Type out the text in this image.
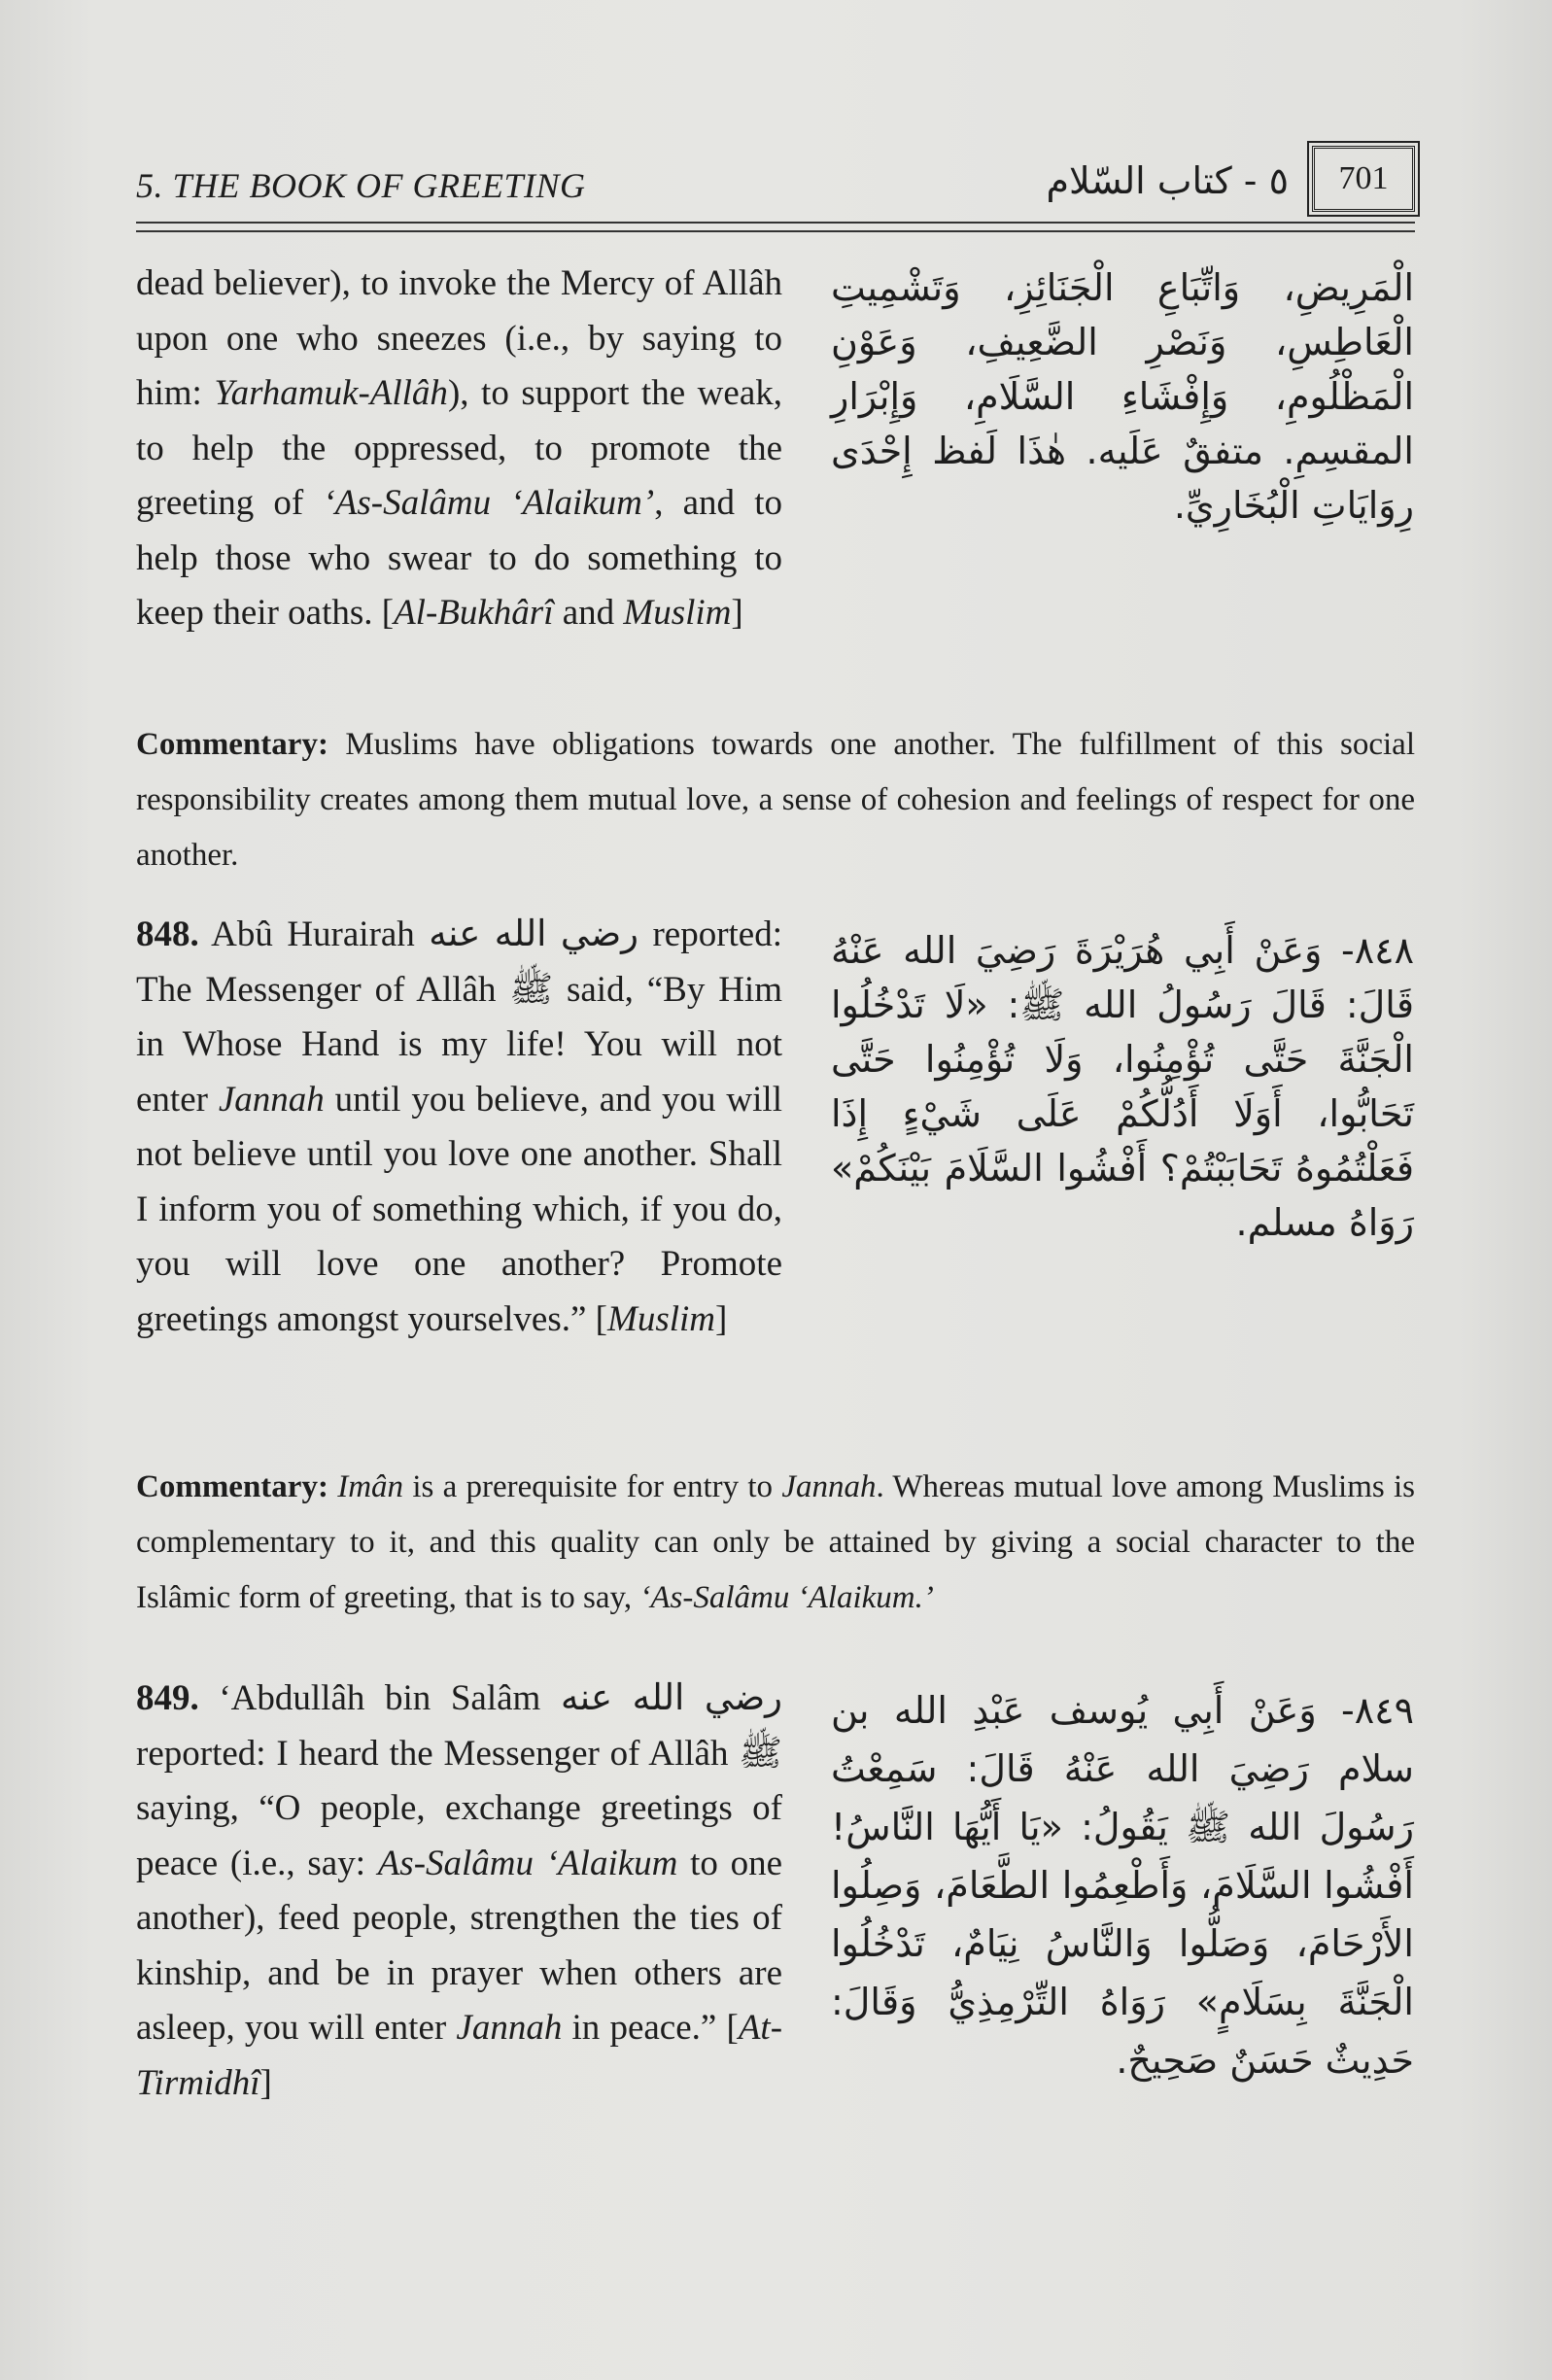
5. THE BOOK OF GREETING	٥ - كتاب السّلام	701
dead believer), to invoke the Mercy of Allâh upon one who sneezes (i.e., by saying to him: Yarhamuk-Allâh), to support the weak, to help the oppressed, to promote the greeting of ‘As-Salâmu ‘Alaikum’, and to help those who swear to do something to keep their oaths. [Al-Bukhârî and Muslim]
الْمَرِيضِ، وَاتِّبَاعِ الْجَنَائِزِ، وَتَشْمِيتِ الْعَاطِسِ، وَنَصْرِ الضَّعِيفِ، وَعَوْنِ الْمَظْلُومِ، وَإِفْشَاءِ السَّلَامِ، وَإِبْرَارِ المقسِمِ. متفقٌ عَلَيه. هٰذَا لَفظ إِحْدَى رِوَايَاتِ الْبُخَارِيِّ.
Commentary: Muslims have obligations towards one another. The fulfillment of this social responsibility creates among them mutual love, a sense of cohesion and feelings of respect for one another.
848. Abû Hurairah رضي الله عنه reported: The Messenger of Allâh ﷺ said, “By Him in Whose Hand is my life! You will not enter Jannah until you believe, and you will not believe until you love one another. Shall I inform you of something which, if you do, you will love one another? Promote greetings amongst yourselves.” [Muslim]
٨٤٨- وَعَنْ أَبِي هُرَيْرَةَ رَضِيَ الله عَنْهُ قَالَ: قَالَ رَسُولُ الله ﷺ: «لَا تَدْخُلُوا الْجَنَّةَ حَتَّى تُؤْمِنُوا، وَلَا تُؤْمِنُوا حَتَّى تَحَابُّوا، أَوَلَا أَدُلُّكُمْ عَلَى شَيْءٍ إِذَا فَعَلْتُمُوهُ تَحَابَبْتُمْ؟ أَفْشُوا السَّلَامَ بَيْنَكُمْ» رَوَاهُ مسلم.
Commentary: Imân is a prerequisite for entry to Jannah. Whereas mutual love among Muslims is complementary to it, and this quality can only be attained by giving a social character to the Islâmic form of greeting, that is to say, ‘As-Salâmu ‘Alaikum.’
849. ‘Abdullâh bin Salâm رضي الله عنه reported: I heard the Messenger of Allâh ﷺ saying, “O people, exchange greetings of peace (i.e., say: As-Salâmu ‘Alaikum to one another), feed people, strengthen the ties of kinship, and be in prayer when others are asleep, you will enter Jannah in peace.” [At-Tirmidhî]
٨٤٩- وَعَنْ أَبِي يُوسف عَبْدِ الله بن سلام رَضِيَ الله عَنْهُ قَالَ: سَمِعْتُ رَسُولَ الله ﷺ يَقُولُ: «يَا أَيُّهَا النَّاسُ! أَفْشُوا السَّلَامَ، وَأَطْعِمُوا الطَّعَامَ، وَصِلُوا الأَرْحَامَ، وَصَلُّوا وَالنَّاسُ نِيَامٌ، تَدْخُلُوا الْجَنَّةَ بِسَلَامٍ» رَوَاهُ التِّرْمِذِيُّ وَقَالَ: حَدِيثٌ حَسَنٌ صَحِيحٌ.
